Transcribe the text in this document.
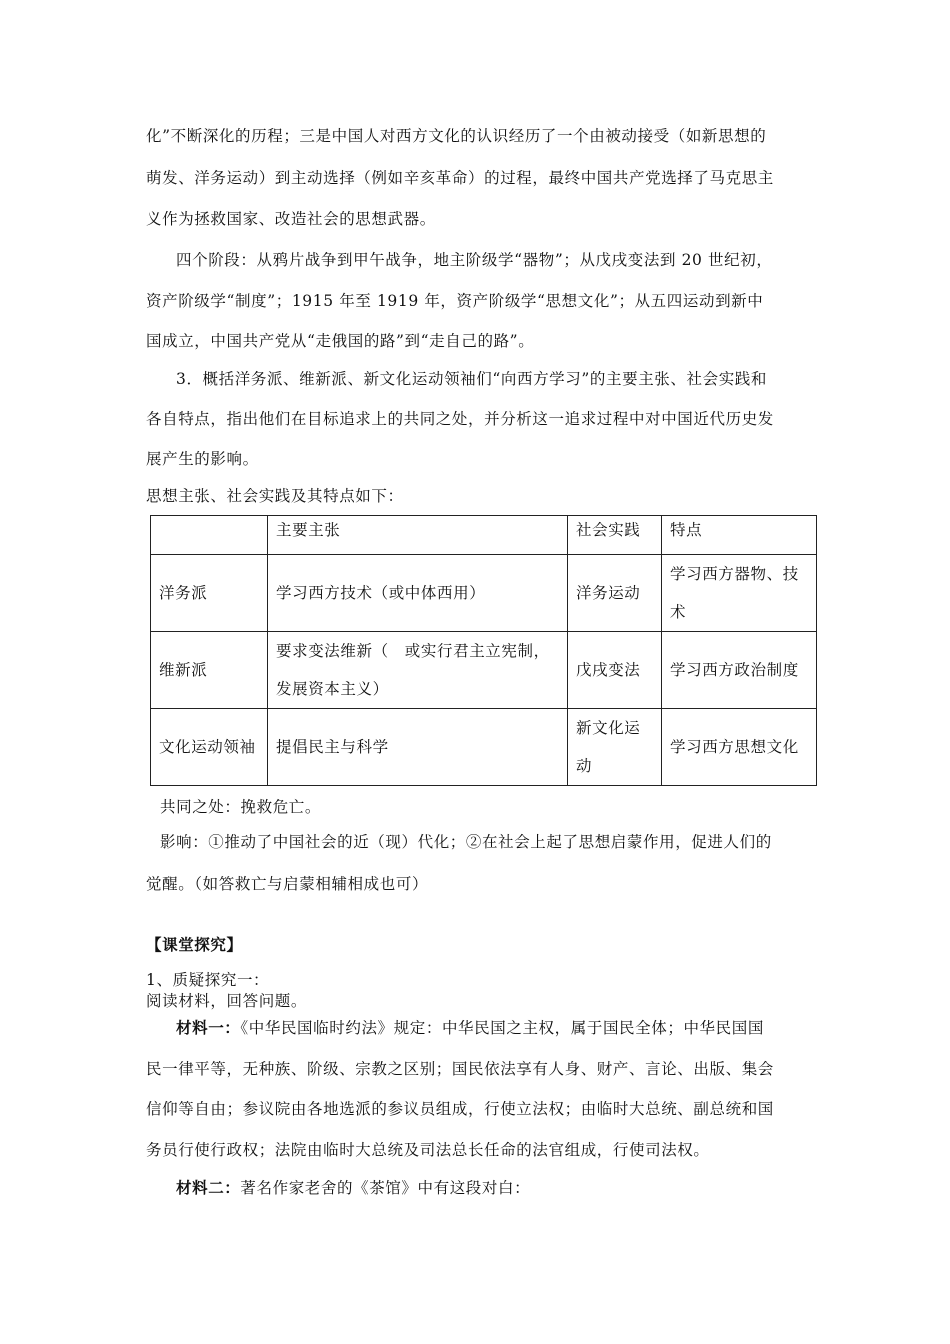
化”不断深化的历程；三是中国人对西方文化的认识经历了一个由被动接受（如新思想的
萌发、洋务运动）到主动选择（例如辛亥革命）的过程，最终中国共产党选择了马克思主
义作为拯救国家、改造社会的思想武器。
四个阶段：从鸦片战争到甲午战争，地主阶级学“器物”；从戊戌变法到 20 世纪初，
资产阶级学“制度”；1915 年至 1919 年，资产阶级学“思想文化”；从五四运动到新中
国成立，中国共产党从“走俄国的路”到“走自己的路”。
3．概括洋务派、维新派、新文化运动领袖们“向西方学习”的主要主张、社会实践和
各自特点，指出他们在目标追求上的共同之处，并分析这一追求过程中对中国近代历史发
展产生的影响。
思想主张、社会实践及其特点如下：
	主要主张	社会实践	特点
洋务派	学习西方技术（或中体西用）	洋务运动	学习西方器物、技术
维新派	要求变法维新（　或实行君主立宪制，发展资本主义）	戊戌变法	学习西方政治制度
文化运动领袖	提倡民主与科学	新文化运动	学习西方思想文化
共同之处：挽救危亡。
影响：①推动了中国社会的近（现）代化；②在社会上起了思想启蒙作用，促进人们的
觉醒。（如答救亡与启蒙相辅相成也可）
【课堂探究】
1、质疑探究一：
阅读材料，回答问题。
材料一：《中华民国临时约法》规定：中华民国之主权，属于国民全体；中华民国国
民一律平等，无种族、阶级、宗教之区别；国民依法享有人身、财产、言论、出版、集会
信仰等自由；参议院由各地选派的参议员组成，行使立法权；由临时大总统、副总统和国
务员行使行政权；法院由临时大总统及司法总长任命的法官组成，行使司法权。
材料二：著名作家老舍的《茶馆》中有这段对白：
